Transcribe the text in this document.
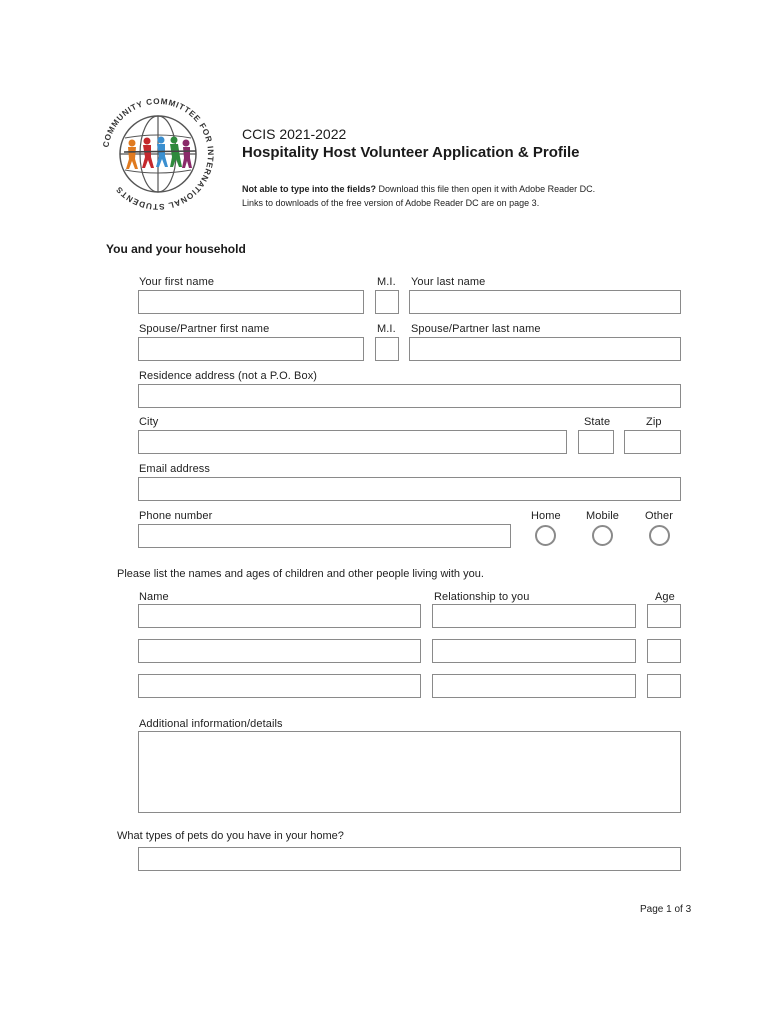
COMMUNITY COMMITTEE FOR INTERNATIONAL STUDENTS
CCIS 2021-2022
Hospitality Host Volunteer Application & Profile
Not able to type into the fields? Download this file then open it with Adobe Reader DC.
Links to downloads of the free version of Adobe Reader DC are on page 3.
You and your household
Your first name	M.I. Your last name
Spouse/Partner first name	M.I. Spouse/Partner last name
Residence address (not a P.O. Box)
City	State	Zip
Email address
Phone number	Home Mobile Other
Please list the names and ages of children and other people living with you.
Name	Relationship to you	Age
Additional information/details
What types of pets do you have in your home?
Page 1 of 3
